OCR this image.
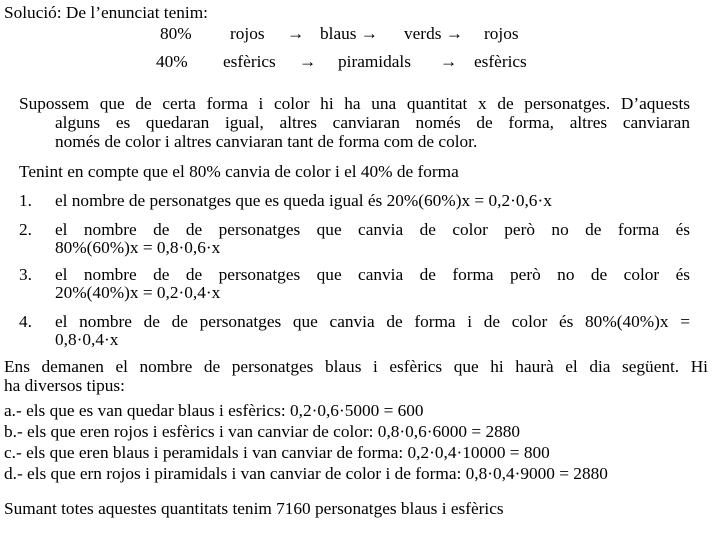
Solució: De l’enunciat tenim:
80% rojos → blaus → verds → rojos
40% esfèrics → piramidals → esfèrics
Supossem que de certa forma i color hi ha una quantitat x de personatges. D’aquests
alguns es quedaran igual, altres canviaran només de forma, altres canviaran
només de color i altres canviaran tant de forma com de color.
Tenint en compte que el 80% canvia de color i el 40% de forma
1. el nombre de personatges que es queda igual és 20%(60%)x = 0,2·0,6·x
2. el nombre de de personatges que canvia de color però no de forma és
80%(60%)x = 0,8·0,6·x
3. el nombre de de personatges que canvia de forma però no de color és
20%(40%)x = 0,2·0,4·x
4. el nombre de de personatges que canvia de forma i de color és 80%(40%)x =
0,8·0,4·x
Ens demanen el nombre de personatges blaus i esfèrics que hi haurà el dia següent. Hi
ha diversos tipus:
a.- els que es van quedar blaus i esfèrics: 0,2·0,6·5000 = 600
b.- els que eren rojos i esfèrics i van canviar de color: 0,8·0,6·6000 = 2880
c.- els que eren blaus i peramidals i van canviar de forma: 0,2·0,4·10000 = 800
d.- els que ern rojos i piramidals i van canviar de color i de forma: 0,8·0,4·9000 = 2880
Sumant totes aquestes quantitats tenim 7160 personatges blaus i esfèrics
